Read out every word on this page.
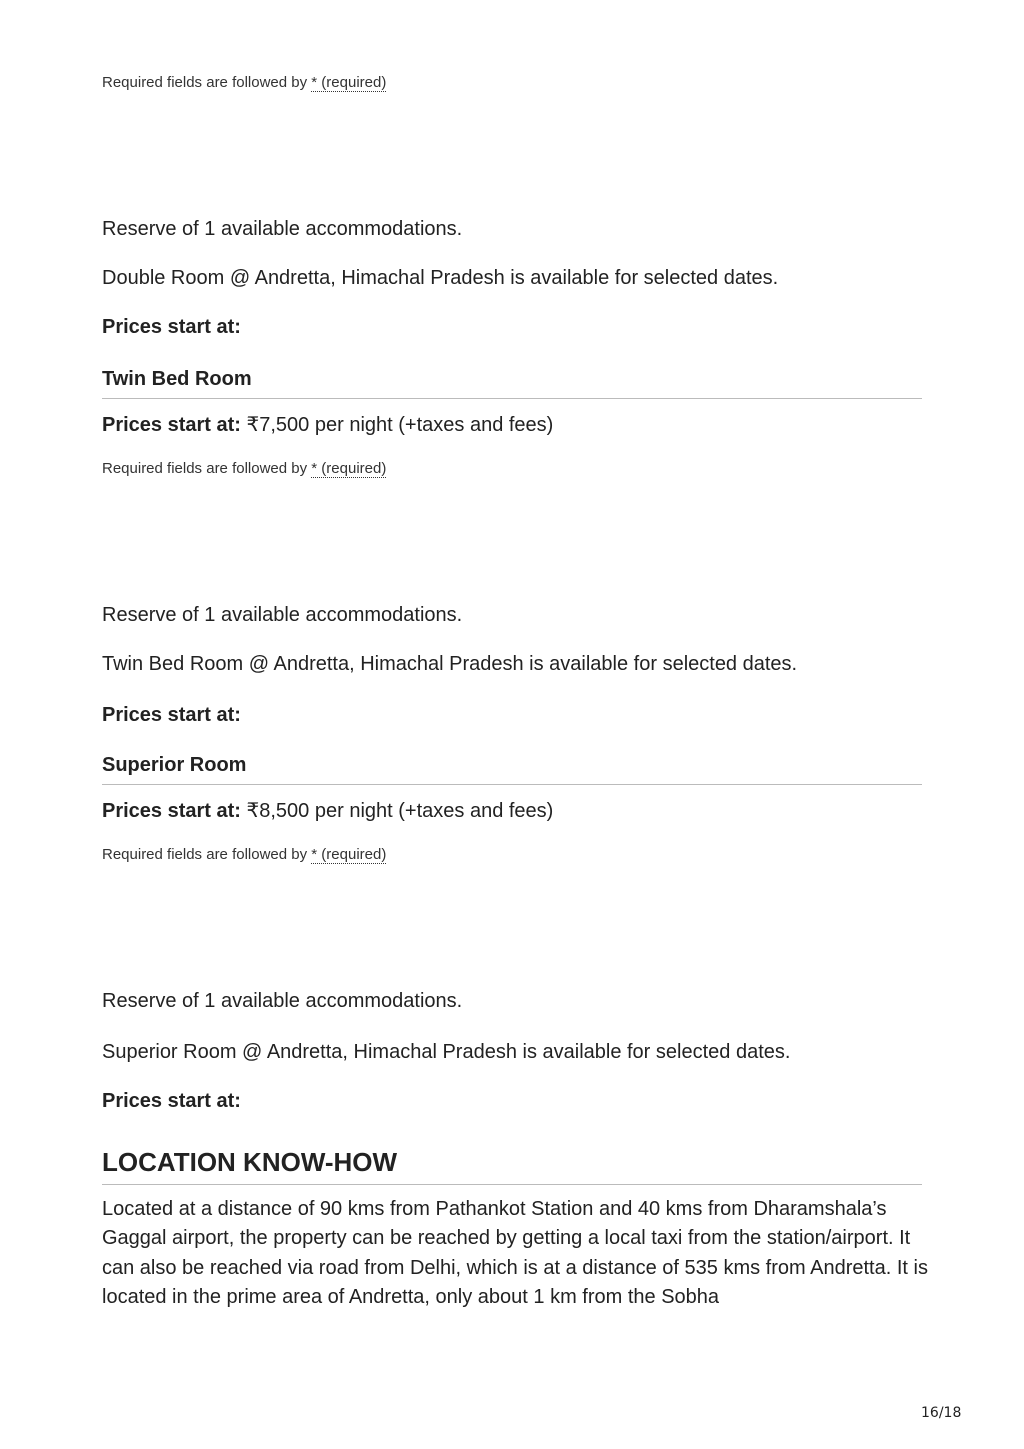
Required fields are followed by * (required)
Reserve of 1 available accommodations.
Double Room @ Andretta, Himachal Pradesh is available for selected dates.
Prices start at:
Twin Bed Room
Prices start at: ₹7,500 per night (+taxes and fees)
Required fields are followed by * (required)
Reserve of 1 available accommodations.
Twin Bed Room @ Andretta, Himachal Pradesh is available for selected dates.
Prices start at:
Superior Room
Prices start at: ₹8,500 per night (+taxes and fees)
Required fields are followed by * (required)
Reserve of 1 available accommodations.
Superior Room @ Andretta, Himachal Pradesh is available for selected dates.
Prices start at:
LOCATION KNOW-HOW
Located at a distance of 90 kms from Pathankot Station and 40 kms from Dharamshala’s Gaggal airport, the property can be reached by getting a local taxi from the station/airport. It can also be reached via road from Delhi, which is at a distance of 535 kms from Andretta. It is located in the prime area of Andretta, only about 1 km from the Sobha
16/18
